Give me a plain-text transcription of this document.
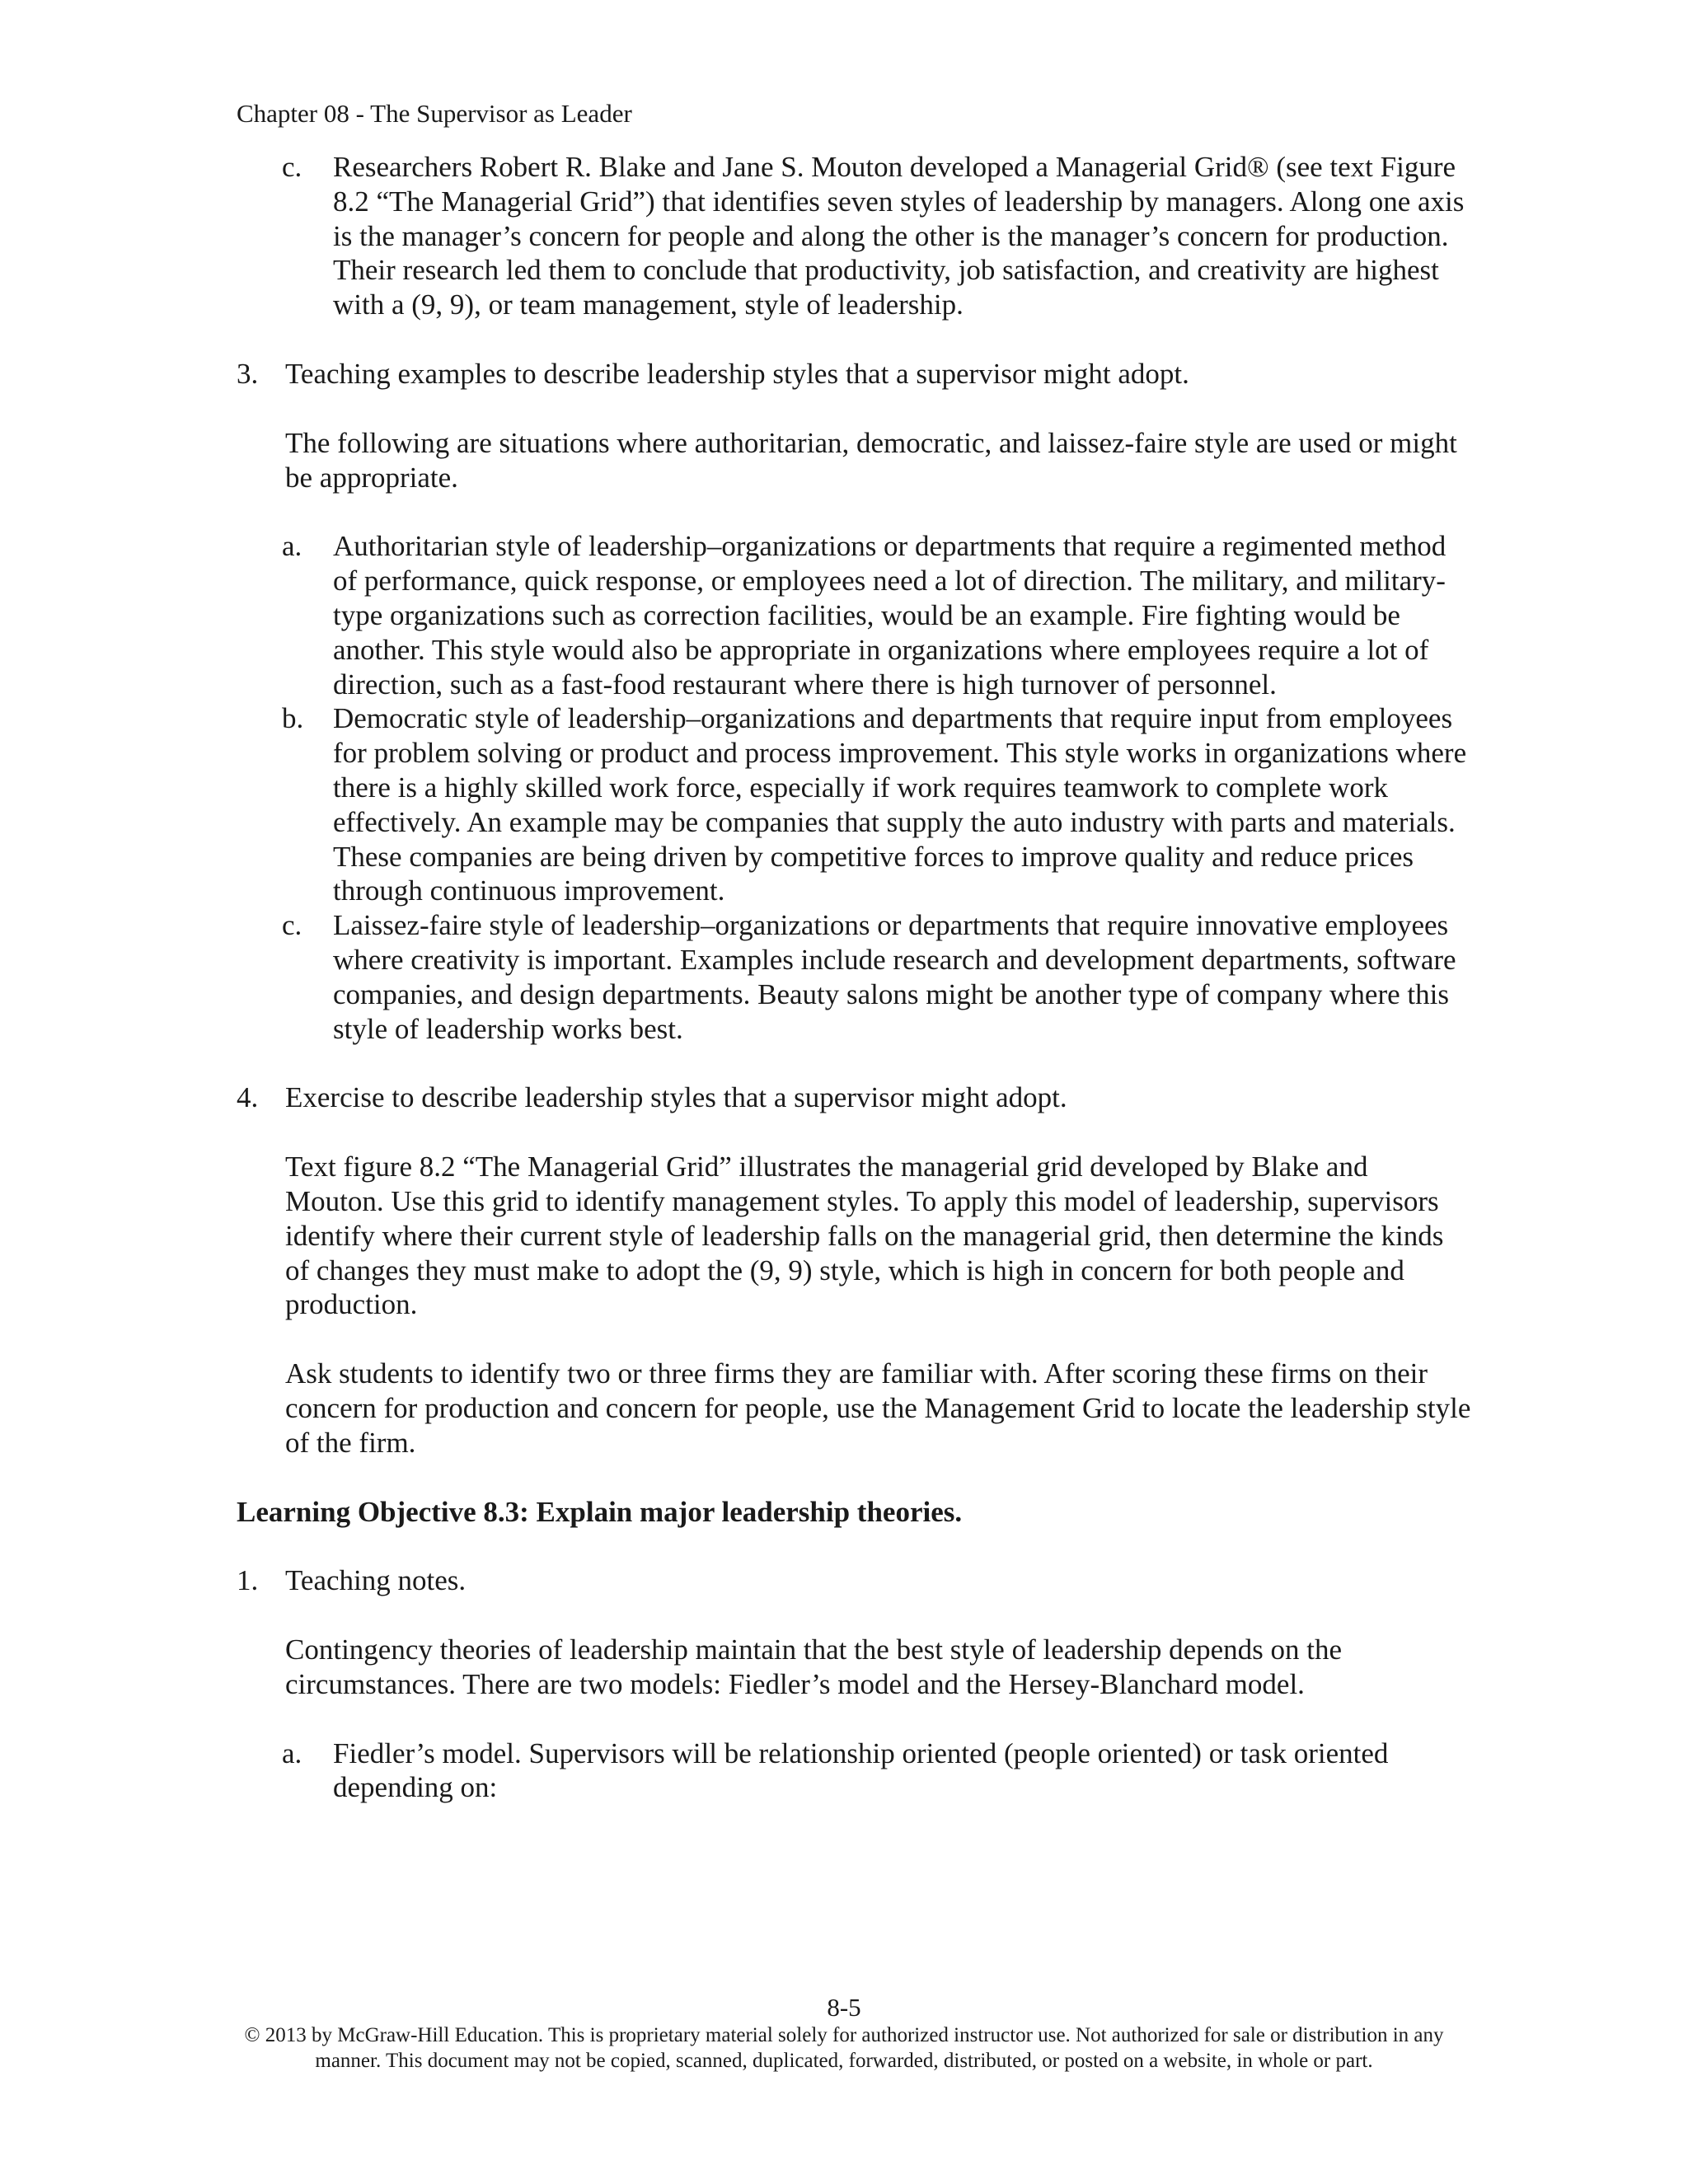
Chapter 08 - The Supervisor as Leader
c. Researchers Robert R. Blake and Jane S. Mouton developed a Managerial Grid® (see text Figure 8.2 “The Managerial Grid”) that identifies seven styles of leadership by managers. Along one axis is the manager’s concern for people and along the other is the manager’s concern for production. Their research led them to conclude that productivity, job satisfaction, and creativity are highest with a (9, 9), or team management, style of leadership.
3. Teaching examples to describe leadership styles that a supervisor might adopt.

The following are situations where authoritarian, democratic, and laissez-faire style are used or might be appropriate.

a. Authoritarian style of leadership–organizations or departments that require a regimented method of performance, quick response, or employees need a lot of direction. The military, and military-type organizations such as correction facilities, would be an example. Fire fighting would be another. This style would also be appropriate in organizations where employees require a lot of direction, such as a fast-food restaurant where there is high turnover of personnel.
b. Democratic style of leadership–organizations and departments that require input from employees for problem solving or product and process improvement. This style works in organizations where there is a highly skilled work force, especially if work requires teamwork to complete work effectively. An example may be companies that supply the auto industry with parts and materials. These companies are being driven by competitive forces to improve quality and reduce prices through continuous improvement.
c. Laissez-faire style of leadership–organizations or departments that require innovative employees where creativity is important. Examples include research and development departments, software companies, and design departments. Beauty salons might be another type of company where this style of leadership works best.
4. Exercise to describe leadership styles that a supervisor might adopt.

Text figure 8.2 “The Managerial Grid” illustrates the managerial grid developed by Blake and Mouton. Use this grid to identify management styles. To apply this model of leadership, supervisors identify where their current style of leadership falls on the managerial grid, then determine the kinds of changes they must make to adopt the (9, 9) style, which is high in concern for both people and production.

Ask students to identify two or three firms they are familiar with. After scoring these firms on their concern for production and concern for people, use the Management Grid to locate the leadership style of the firm.

Learning Objective 8.3: Explain major leadership theories.

1. Teaching notes.

Contingency theories of leadership maintain that the best style of leadership depends on the circumstances. There are two models: Fiedler’s model and the Hersey-Blanchard model.

a. Fiedler’s model. Supervisors will be relationship oriented (people oriented) or task oriented depending on:
8-5
© 2013 by McGraw-Hill Education. This is proprietary material solely for authorized instructor use. Not authorized for sale or distribution in any manner. This document may not be copied, scanned, duplicated, forwarded, distributed, or posted on a website, in whole or part.
